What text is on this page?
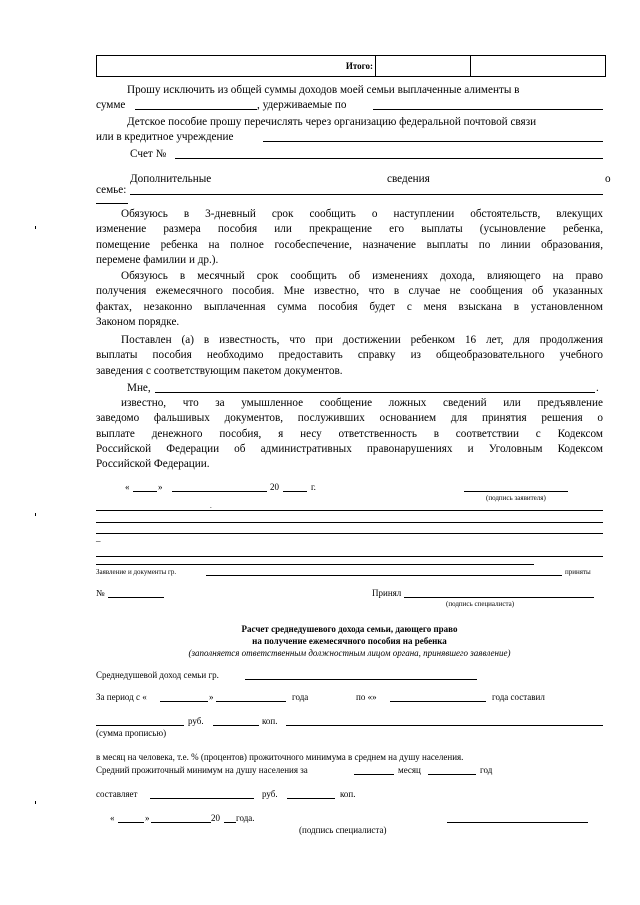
Итого:		
Прошу исключить из общей суммы доходов моей семьи выплаченные алименты в
сумме	, удерживаемые по
Детское пособие прошу перечислять через организацию федеральной почтовой связи
или в кредитное учреждение
Счет №
Дополнительные	сведения	о
семье:
Обязуюсь в 3-дневный срок сообщить о наступлении обстоятельств, влекущих
изменение размера пособия или прекращение его выплаты (усыновление ребенка,
помещение ребенка на полное гособеспечение, назначение выплаты по линии образования,
перемене фамилии и др.).
Обязуюсь в месячный срок сообщить об изменениях дохода, влияющего на право
получения ежемесячного пособия. Мне известно, что в случае не сообщения об указанных
фактах, незаконно выплаченная сумма пособия будет с меня взыскана в установленном
Законом порядке.
Поставлен (а) в известность, что при достижении ребенком 16 лет, для продолжения
выплаты пособия необходимо предоставить справку из общеобразовательного учебного
заведения с соответствующим пакетом документов.
Мне,	.
известно, что за умышленное сообщение ложных сведений или предъявление
заведомо фальшивых документов, послуживших основанием для принятия решения о
выплате денежного пособия, я несу ответственность в соответствии с Кодексом
Российской Федерации об административных правонарушениях и Уголовным Кодексом
Российской Федерации.
«	»	20	г.
(подпись заявителя)
.
–
Заявление и документы гр.	приняты
№	Принял
(подпись специалиста)
Расчет среднедушевого дохода семьи, дающего право
на получение ежемесячного пособия на ребенка
(заполняется ответственным должностным лицом органа, принявшего заявление)
Среднедушевой доход семьи гр.
За период с «	»	года	по «»	года составил
руб.	коп.
(сумма прописью)
в месяц на человека, т.е. % (процентов) прожиточного минимума в среднем на душу населения.
Средний прожиточный минимум на душу населения за	месяц	год
составляет	руб.	коп.
«	»	20 года.
(подпись специалиста)
